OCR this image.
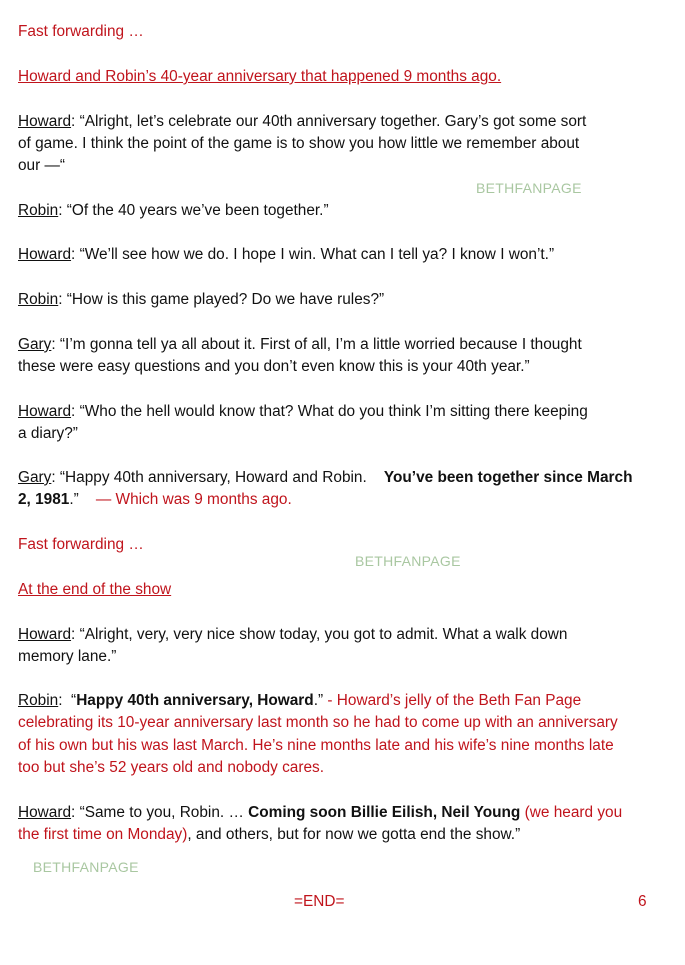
Fast forwarding …
Howard and Robin’s 40-year anniversary that happened 9 months ago.
Howard: “Alright, let’s celebrate our 40th anniversary together. Gary’s got some sort
of game. I think the point of the game is to show you how little we remember about
our —“
BETHFANPAGE
Robin: “Of the 40 years we’ve been together.”
Howard: “We’ll see how we do. I hope I win. What can I tell ya? I know I won’t.”
Robin: “How is this game played? Do we have rules?”
Gary: “I’m gonna tell ya all about it. First of all, I’m a little worried because I thought
these were easy questions and you don’t even know this is your 40th year.”
Howard: “Who the hell would know that? What do you think I’m sitting there keeping
a diary?”
Gary: “Happy 40th anniversary, Howard and Robin. You’ve been together since March
2, 1981.” — Which was 9 months ago.
Fast forwarding …
BETHFANPAGE
At the end of the show
Howard: “Alright, very, very nice show today, you got to admit. What a walk down
memory lane.”
Robin:  “Happy 40th anniversary, Howard.” - Howard’s jelly of the Beth Fan Page
celebrating its 10-year anniversary last month so he had to come up with an anniversary
of his own but his was last March. He’s nine months late and his wife’s nine months late
too but she’s 52 years old and nobody cares.
Howard: “Same to you, Robin. … Coming soon Billie Eilish, Neil Young (we heard you
the first time on Monday), and others, but for now we gotta end the show.”
BETHFANPAGE
=END=	6
